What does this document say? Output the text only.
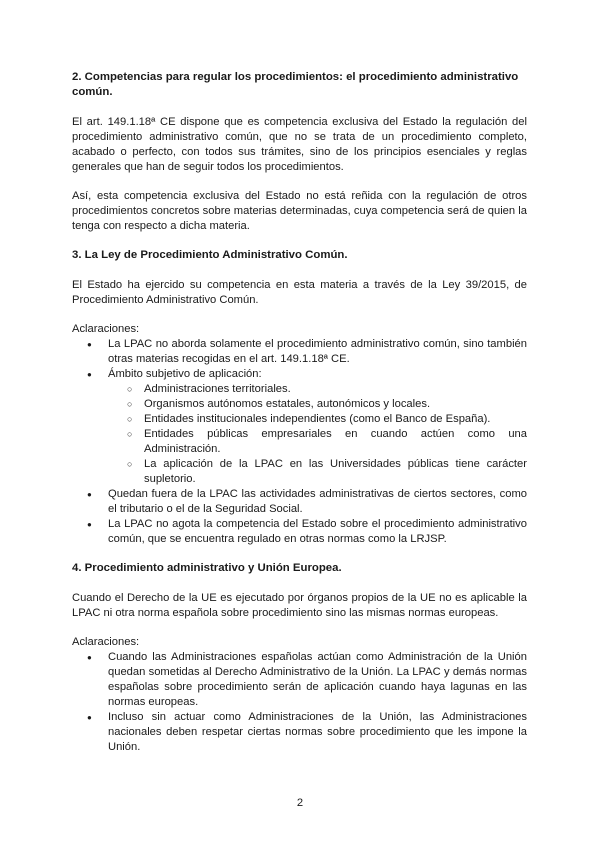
2. Competencias para regular los procedimientos: el procedimiento administrativo común.

El art. 149.1.18ª CE dispone que es competencia exclusiva del Estado la regulación del procedimiento administrativo común, que no se trata de un procedimiento completo, acabado o perfecto, con todos sus trámites, sino de los principios esenciales y reglas generales que han de seguir todos los procedimientos.

Así, esta competencia exclusiva del Estado no está reñida con la regulación de otros procedimientos concretos sobre materias determinadas, cuya competencia será de quien la tenga con respecto a dicha materia.

3. La Ley de Procedimiento Administrativo Común.

El Estado ha ejercido su competencia en esta materia a través de la Ley 39/2015, de Procedimiento Administrativo Común.

Aclaraciones:

● La LPAC no aborda solamente el procedimiento administrativo común, sino también otras materias recogidas en el art. 149.1.18ª CE.
● Ámbito subjetivo de aplicación:
○ Administraciones territoriales.
○ Organismos autónomos estatales, autonómicos y locales.
○ Entidades institucionales independientes (como el Banco de España).
○ Entidades públicas empresariales en cuando actúen como una Administración.
○ La aplicación de la LPAC en las Universidades públicas tiene carácter supletorio.
● Quedan fuera de la LPAC las actividades administrativas de ciertos sectores, como el tributario o el de la Seguridad Social.
● La LPAC no agota la competencia del Estado sobre el procedimiento administrativo común, que se encuentra regulado en otras normas como la LRJSP.
4. Procedimiento administrativo y Unión Europea.

Cuando el Derecho de la UE es ejecutado por órganos propios de la UE no es aplicable la LPAC ni otra norma española sobre procedimiento sino las mismas normas europeas.

Aclaraciones:

● Cuando las Administraciones españolas actúan como Administración de la Unión quedan sometidas al Derecho Administrativo de la Unión. La LPAC y demás normas españolas sobre procedimiento serán de aplicación cuando haya lagunas en las normas europeas.
● Incluso sin actuar como Administraciones de la Unión, las Administraciones nacionales deben respetar ciertas normas sobre procedimiento que les impone la Unión.
2
